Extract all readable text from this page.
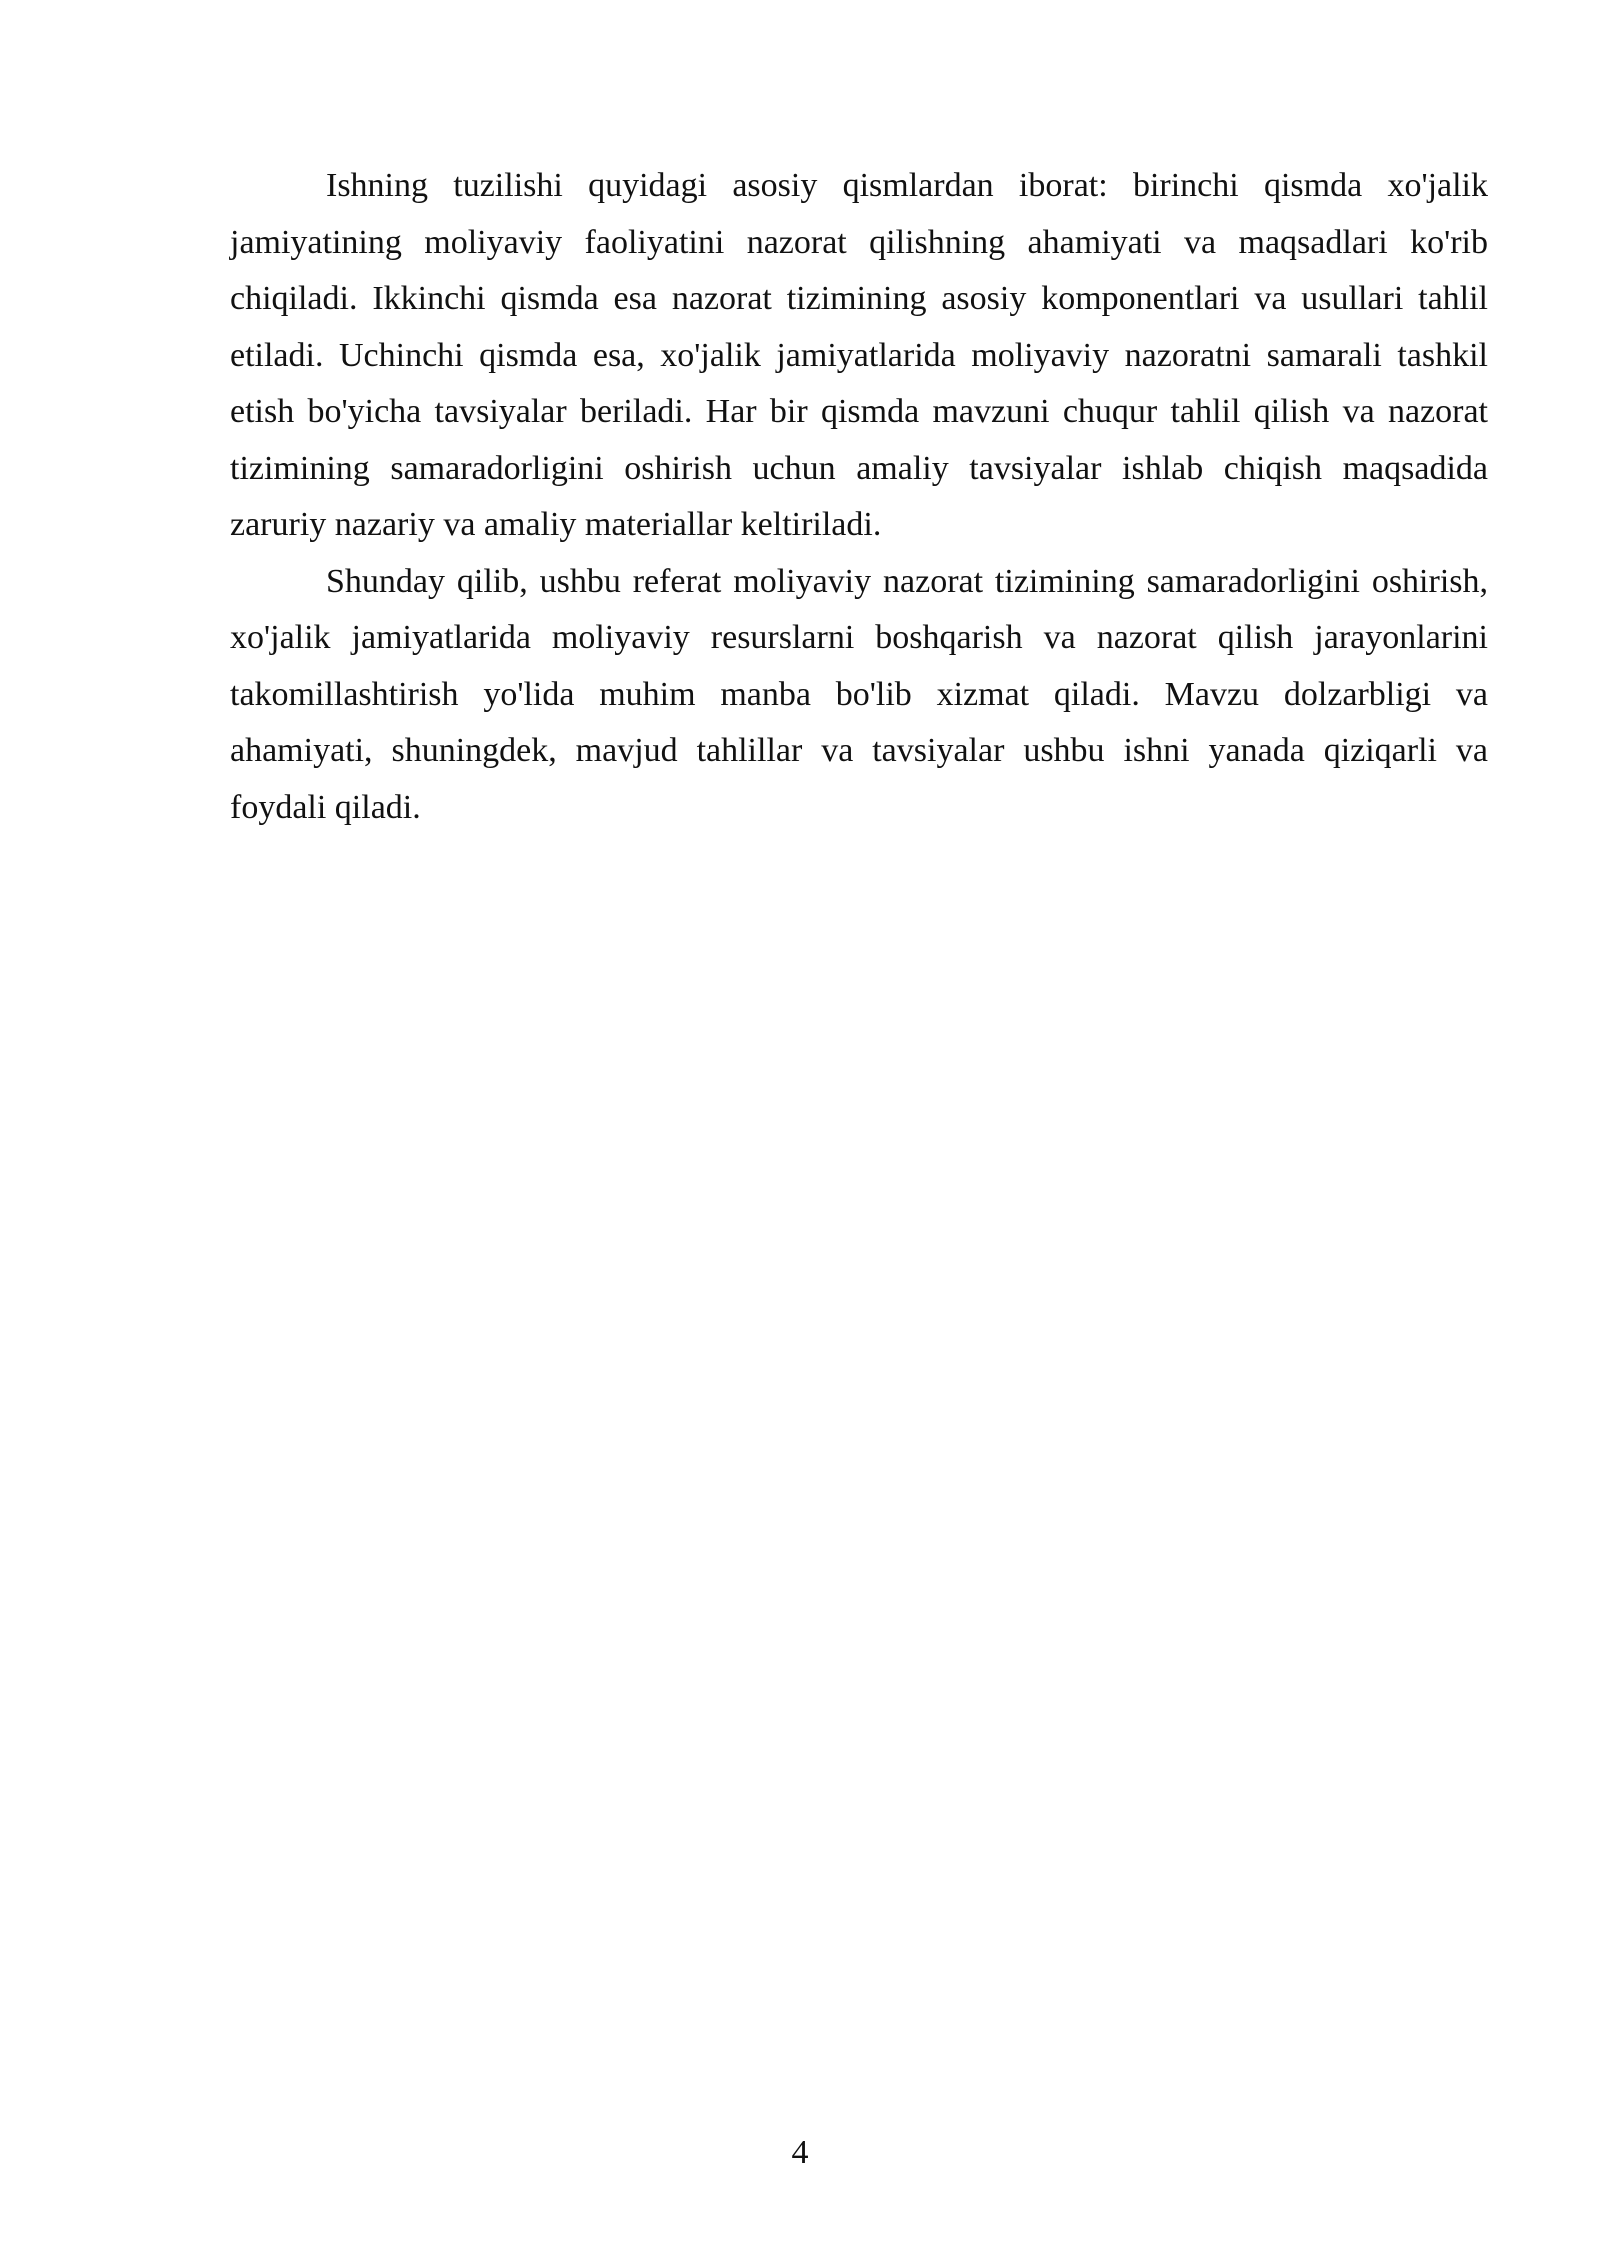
Ishning tuzilishi quyidagi asosiy qismlardan iborat: birinchi qismda xo'jalik jamiyatining moliyaviy faoliyatini nazorat qilishning ahamiyati va maqsadlari ko'rib chiqiladi. Ikkinchi qismda esa nazorat tizimining asosiy komponentlari va usullari tahlil etiladi. Uchinchi qismda esa, xo'jalik jamiyatlarida moliyaviy nazoratni samarali tashkil etish bo'yicha tavsiyalar beriladi. Har bir qismda mavzuni chuqur tahlil qilish va nazorat tizimining samaradorligini oshirish uchun amaliy tavsiyalar ishlab chiqish maqsadida zaruriy nazariy va amaliy materiallar keltiriladi.

Shunday qilib, ushbu referat moliyaviy nazorat tizimining samaradorligini oshirish, xo'jalik jamiyatlarida moliyaviy resurslarni boshqarish va nazorat qilish jarayonlarini takomillashtirish yo'lida muhim manba bo'lib xizmat qiladi. Mavzu dolzarbligi va ahamiyati, shuningdek, mavjud tahlillar va tavsiyalar ushbu ishni yanada qiziqarli va foydali qiladi.

4
